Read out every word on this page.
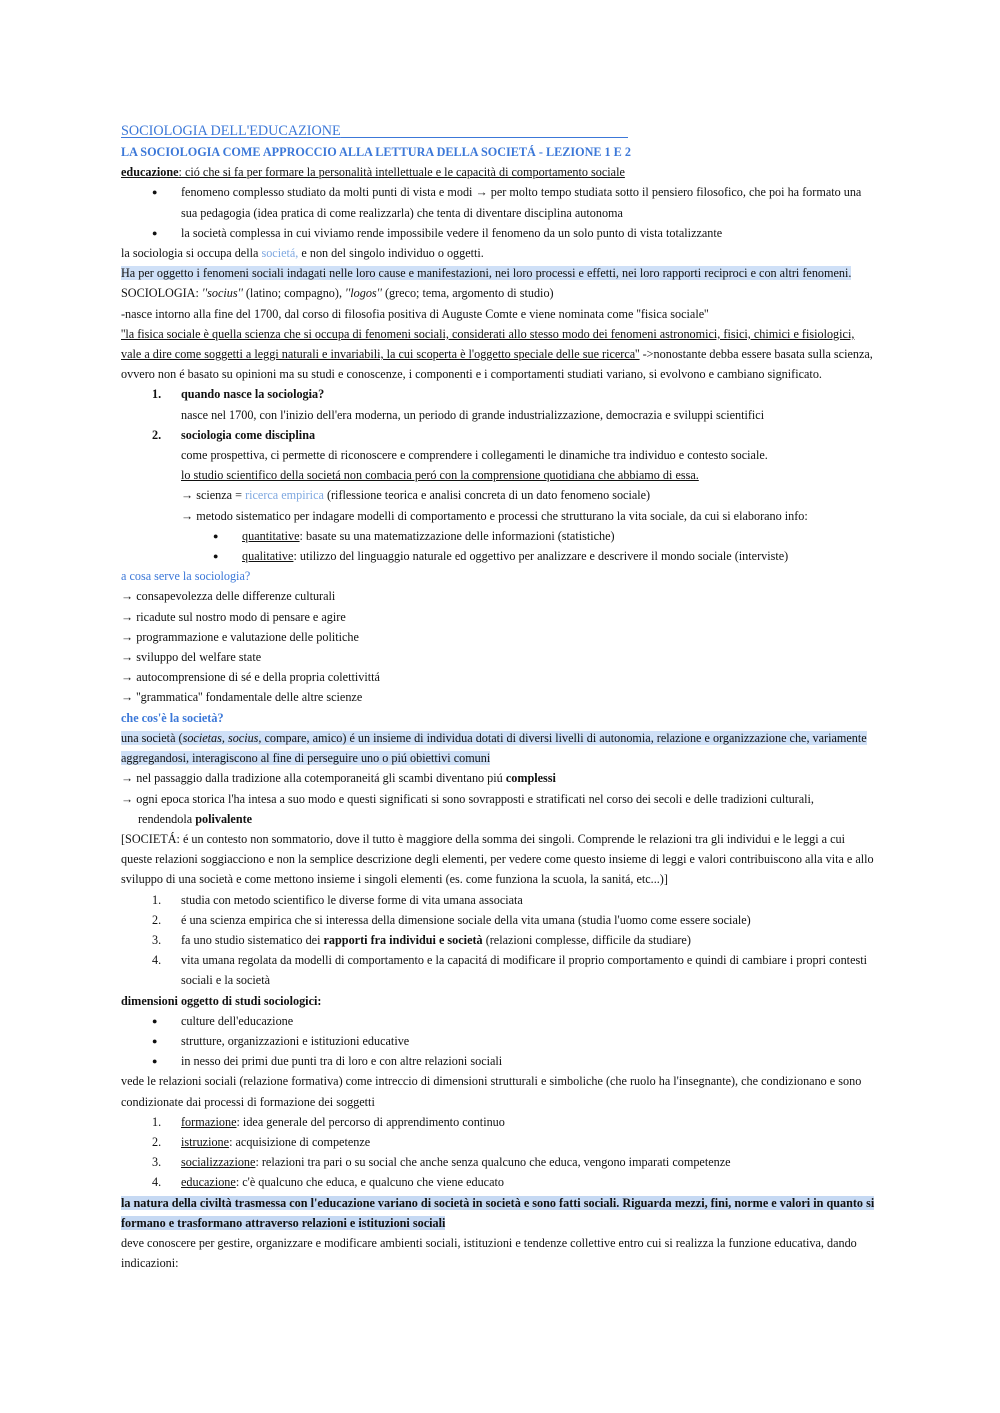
SOCIOLOGIA DELL'EDUCAZIONE

LA SOCIOLOGIA COME APPROCCIO ALLA LETTURA DELLA SOCIETÁ - LEZIONE 1 E 2

educazione: ció che si fa per formare la personalità intellettuale e le capacità di comportamento sociale

● fenomeno complesso studiato da molti punti di vista e modi → per molto tempo studiata sotto il pensiero filosofico, che poi ha formato una sua pedagogia (idea pratica di come realizzarla) che tenta di diventare disciplina autonoma
● la società complessa in cui viviamo rende impossibile vedere il fenomeno da un solo punto di vista totalizzante

la sociologia si occupa della societá, e non del singolo individuo o oggetti.

Ha per oggetto i fenomeni sociali indagati nelle loro cause e manifestazioni, nei loro processi e effetti, nei loro rapporti reciproci e con altri fenomeni.

SOCIOLOGIA: ''socius'' (latino; compagno), ''logos'' (greco; tema, argomento di studio)

-nasce intorno alla fine del 1700, dal corso di filosofia positiva di Auguste Comte e viene nominata come ''fisica sociale''

''la fisica sociale è quella scienza che si occupa di fenomeni sociali, considerati allo stesso modo dei fenomeni astronomici, fisici, chimici e fisiologici, vale a dire come soggetti a leggi naturali e invariabili, la cui scoperta è l'oggetto speciale delle sue ricerca'' ->nonostante debba essere basata sulla scienza, ovvero non é basato su opinioni ma su studi e conoscenze, i componenti e i comportamenti studiati variano, si evolvono e cambiano significato.

1. quando nasce la sociologia?

nasce nel 1700, con l'inizio dell'era moderna, un periodo di grande industrializzazione, democrazia e sviluppi scientifici

2. sociologia come disciplina

come prospettiva, ci permette di riconoscere e comprendere i collegamenti le dinamiche tra individuo e contesto sociale.

lo studio scientifico della societá non combacia peró con la comprensione quotidiana che abbiamo di essa.

→ scienza = ricerca empirica (riflessione teorica e analisi concreta di un dato fenomeno sociale)

→ metodo sistematico per indagare modelli di comportamento e processi che strutturano la vita sociale, da cui si elaborano info:

● quantitative: basate su una matematizzazione delle informazioni (statistiche)
● qualitative: utilizzo del linguaggio naturale ed oggettivo per analizzare e descrivere il mondo sociale (interviste)

a cosa serve la sociologia?

→ consapevolezza delle differenze culturali

→ ricadute sul nostro modo di pensare e agire

→ programmazione e valutazione delle politiche

→ sviluppo del welfare state

→ autocomprensione di sé e della propria colettivittá

→ ''grammatica'' fondamentale delle altre scienze

che cos'è la società?

una società (societas, socius, compare, amico) é un insieme di individua dotati di diversi livelli di autonomia, relazione e organizzazione che, variamente aggregandosi, interagiscono al fine di perseguire uno o piú obiettivi comuni

→ nel passaggio dalla tradizione alla cotemporaneitá gli scambi diventano piú complessi

→ ogni epoca storica l'ha intesa a suo modo e questi significati si sono sovrapposti e stratificati nel corso dei secoli e delle tradizioni culturali,
rendendola polivalente

[SOCIETÁ: é un contesto non sommatorio, dove il tutto è maggiore della somma dei singoli. Comprende le relazioni tra gli individui e le leggi a cui queste relazioni soggiacciono e non la semplice descrizione degli elementi, per vedere come questo insieme di leggi e valori contribuiscono alla vita e allo sviluppo di una società e come mettono insieme i singoli elementi (es. come funziona la scuola, la sanitá, etc...)]

1. studia con metodo scientifico le diverse forme di vita umana associata
2. é una scienza empirica che si interessa della dimensione sociale della vita umana (studia l'uomo come essere sociale)
3. fa uno studio sistematico dei rapporti fra individui e società (relazioni complesse, difficile da studiare)
4. vita umana regolata da modelli di comportamento e la capacitá di modificare il proprio comportamento e quindi di cambiare i propri contesti sociali e la società

dimensioni oggetto di studi sociologici:

● culture dell'educazione
● strutture, organizzazioni e istituzioni educative
● in nesso dei primi due punti tra di loro e con altre relazioni sociali

vede le relazioni sociali (relazione formativa) come intreccio di dimensioni strutturali e simboliche (che ruolo ha l'insegnante), che condizionano e sono condizionate dai processi di formazione dei soggetti

1. formazione: idea generale del percorso di apprendimento continuo
2. istruzione: acquisizione di competenze
3. socializzazione: relazioni tra pari o su social che anche senza qualcuno che educa, vengono imparati competenze
4. educazione: c'è qualcuno che educa, e qualcuno che viene educato

la natura della civiltà trasmessa con l'educazione variano di società in società e sono fatti sociali. Riguarda mezzi, fini, norme e valori in quanto si formano e trasformano attraverso relazioni e istituzioni sociali

deve conoscere per gestire, organizzare e modificare ambienti sociali, istituzioni e tendenze collettive entro cui si realizza la funzione educativa, dando indicazioni:
